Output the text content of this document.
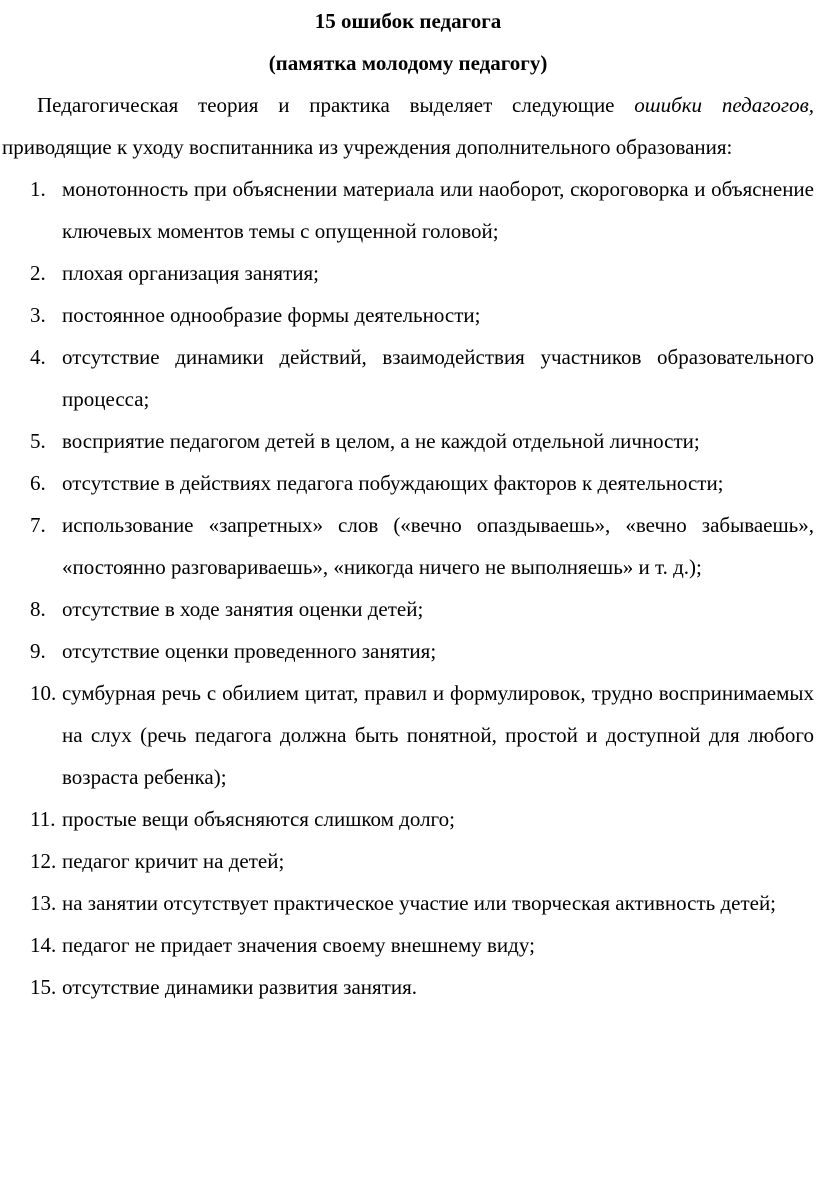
15 ошибок педагога

(памятка молодому педагогу)

Педагогическая теория и практика выделяет следующие ошибки педагогов, приводящие к уходу воспитанника из учреждения дополнительного образования:

1. монотонность при объяснении материала или наоборот, скороговорка и объяснение ключевых моментов темы с опущенной головой;
2. плохая организация занятия;
3. постоянное однообразие формы деятельности;
4. отсутствие динамики действий, взаимодействия участников образовательного процесса;
5. восприятие педагогом детей в целом, а не каждой отдельной личности;
6. отсутствие в действиях педагога побуждающих факторов к деятельности;
7. использование «запретных» слов («вечно опаздываешь», «вечно забываешь», «постоянно разговариваешь», «никогда ничего не выполняешь» и т. д.);
8. отсутствие в ходе занятия оценки детей;
9. отсутствие оценки проведенного занятия;
10. сумбурная речь с обилием цитат, правил и формулировок, трудно воспринимаемых на слух (речь педагога должна быть понятной, простой и доступной для любого возраста ребенка);
11. простые вещи объясняются слишком долго;
12. педагог кричит на детей;
13. на занятии отсутствует практическое участие или творческая активность детей;
14. педагог не придает значения своему внешнему виду;
15. отсутствие динамики развития занятия.
